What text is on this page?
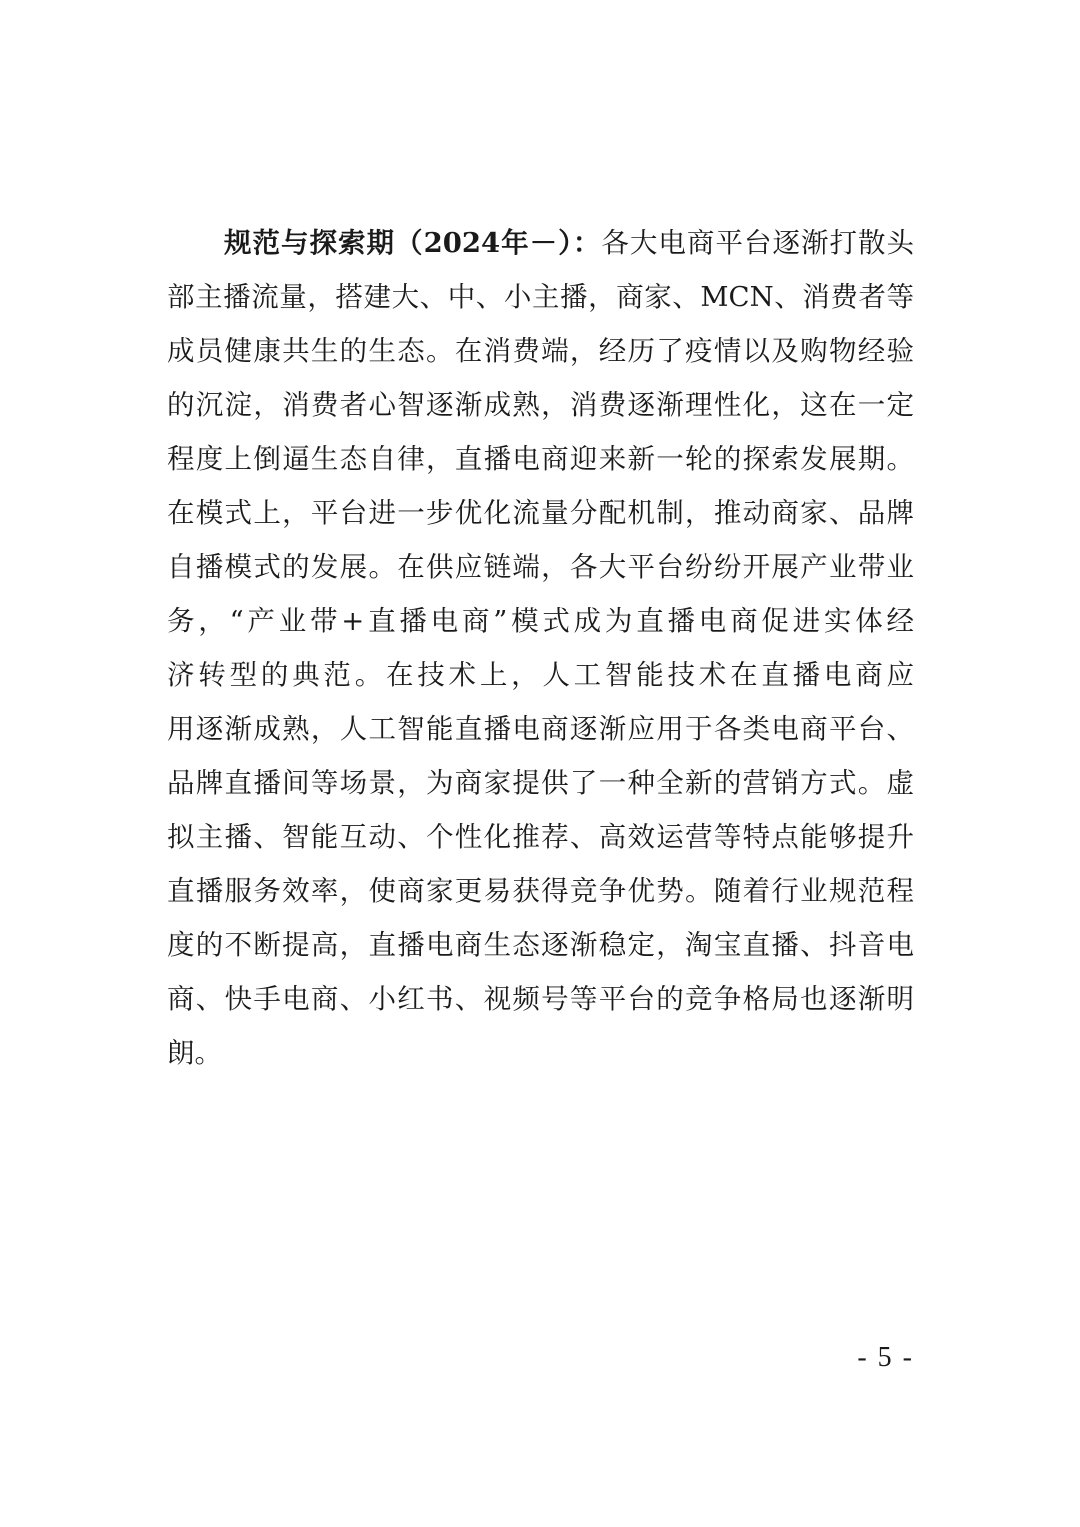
规范与探索期（2024年－）：各大电商平台逐渐打散头
部主播流量，搭建大、中、小主播，商家、MCN、消费者等
成员健康共生的生态。在消费端，经历了疫情以及购物经验
的沉淀，消费者心智逐渐成熟，消费逐渐理性化，这在一定
程度上倒逼生态自律，直播电商迎来新一轮的探索发展期。
在模式上，平台进一步优化流量分配机制，推动商家、品牌
自播模式的发展。在供应链端，各大平台纷纷开展产业带业
务，“产业带+直播电商”模式成为直播电商促进实体经
济转型的典范。在技术上，人工智能技术在直播电商应
用逐渐成熟，人工智能直播电商逐渐应用于各类电商平台、
品牌直播间等场景，为商家提供了一种全新的营销方式。虚
拟主播、智能互动、个性化推荐、高效运营等特点能够提升
直播服务效率，使商家更易获得竞争优势。随着行业规范程
度的不断提高，直播电商生态逐渐稳定，淘宝直播、抖音电
商、快手电商、小红书、视频号等平台的竞争格局也逐渐明
朗。
- 5 -
